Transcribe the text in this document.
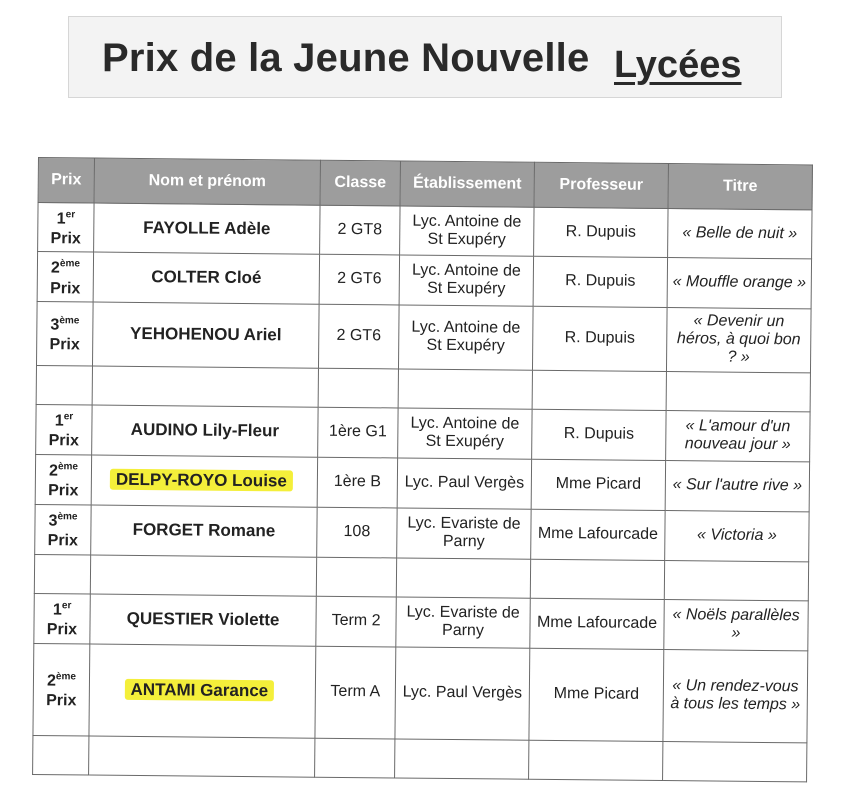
Prix de la Jeune Nouvelle Lycées
Prix	Nom et prénom	Classe	Établissement	Professeur	Titre
1er
Prix	FAYOLLE Adèle	2 GT8	Lyc. Antoine de St Exupéry	R. Dupuis	« Belle de nuit »
2ème
Prix	COLTER Cloé	2 GT6	Lyc. Antoine de St Exupéry	R. Dupuis	« Mouffle orange »
3ème
Prix	YEHOHENOU Ariel	2 GT6	Lyc. Antoine de St Exupéry	R. Dupuis	« Devenir un héros, à quoi bon ? »

1er
Prix	AUDINO Lily-Fleur	1ère G1	Lyc. Antoine de St Exupéry	R. Dupuis	« L'amour d'un nouveau jour »
2ème
Prix	DELPY-ROYO Louise	1ère B	Lyc. Paul Vergès	Mme Picard	« Sur l'autre rive »
3ème
Prix	FORGET Romane	108	Lyc. Evariste de Parny	Mme Lafourcade	« Victoria »

1er
Prix	QUESTIER Violette	Term 2	Lyc. Evariste de Parny	Mme Lafourcade	« Noëls parallèles »
2ème
Prix	ANTAMI Garance	Term A	Lyc. Paul Vergès	Mme Picard	« Un rendez-vous à tous les temps »
